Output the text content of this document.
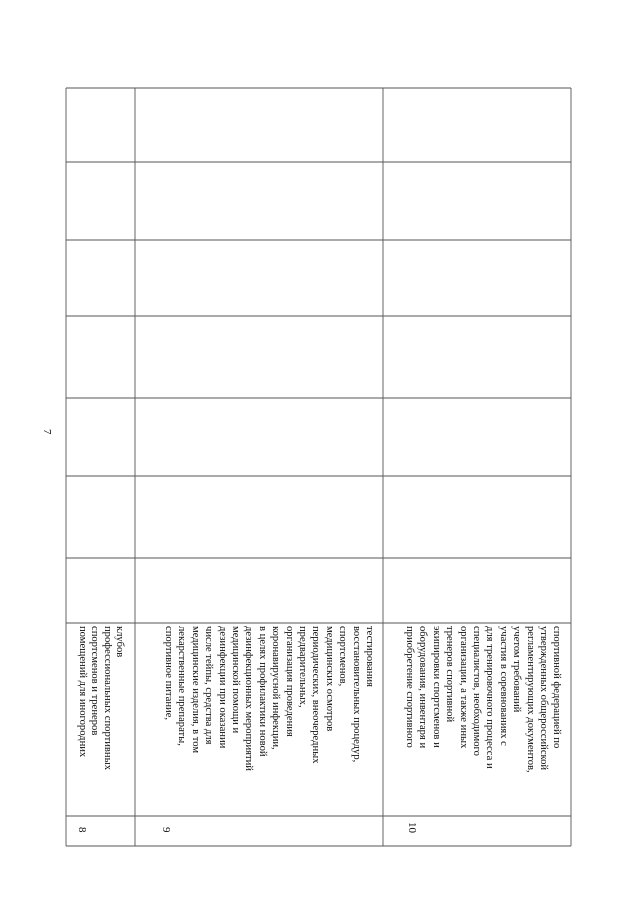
7
8	9	10
помещений для иногородних спортсменов и тренеров профессиональных спортивных клубов	спортивное питание, лекарственные препараты, медицинские изделия, в том числе тейпы, средства для дезинфекции при оказании медицинской помощи и дезинфекционных мероприятий в целях профилактики новой коронавирусной инфекции, организация проведения предварительных, периодических, внеочередных медицинских осмотров спортсменов, восстановительных процедур, тестирования	приобретение спортивного оборудования, инвентаря и экипировки спортсменов и тренеров спортивной организации, а также иных специалистов, необходимого для тренировочного процесса и участия в соревнованиях с учетом требований регламентирующих документов, утвержденных общероссийской спортивной федерацией по
